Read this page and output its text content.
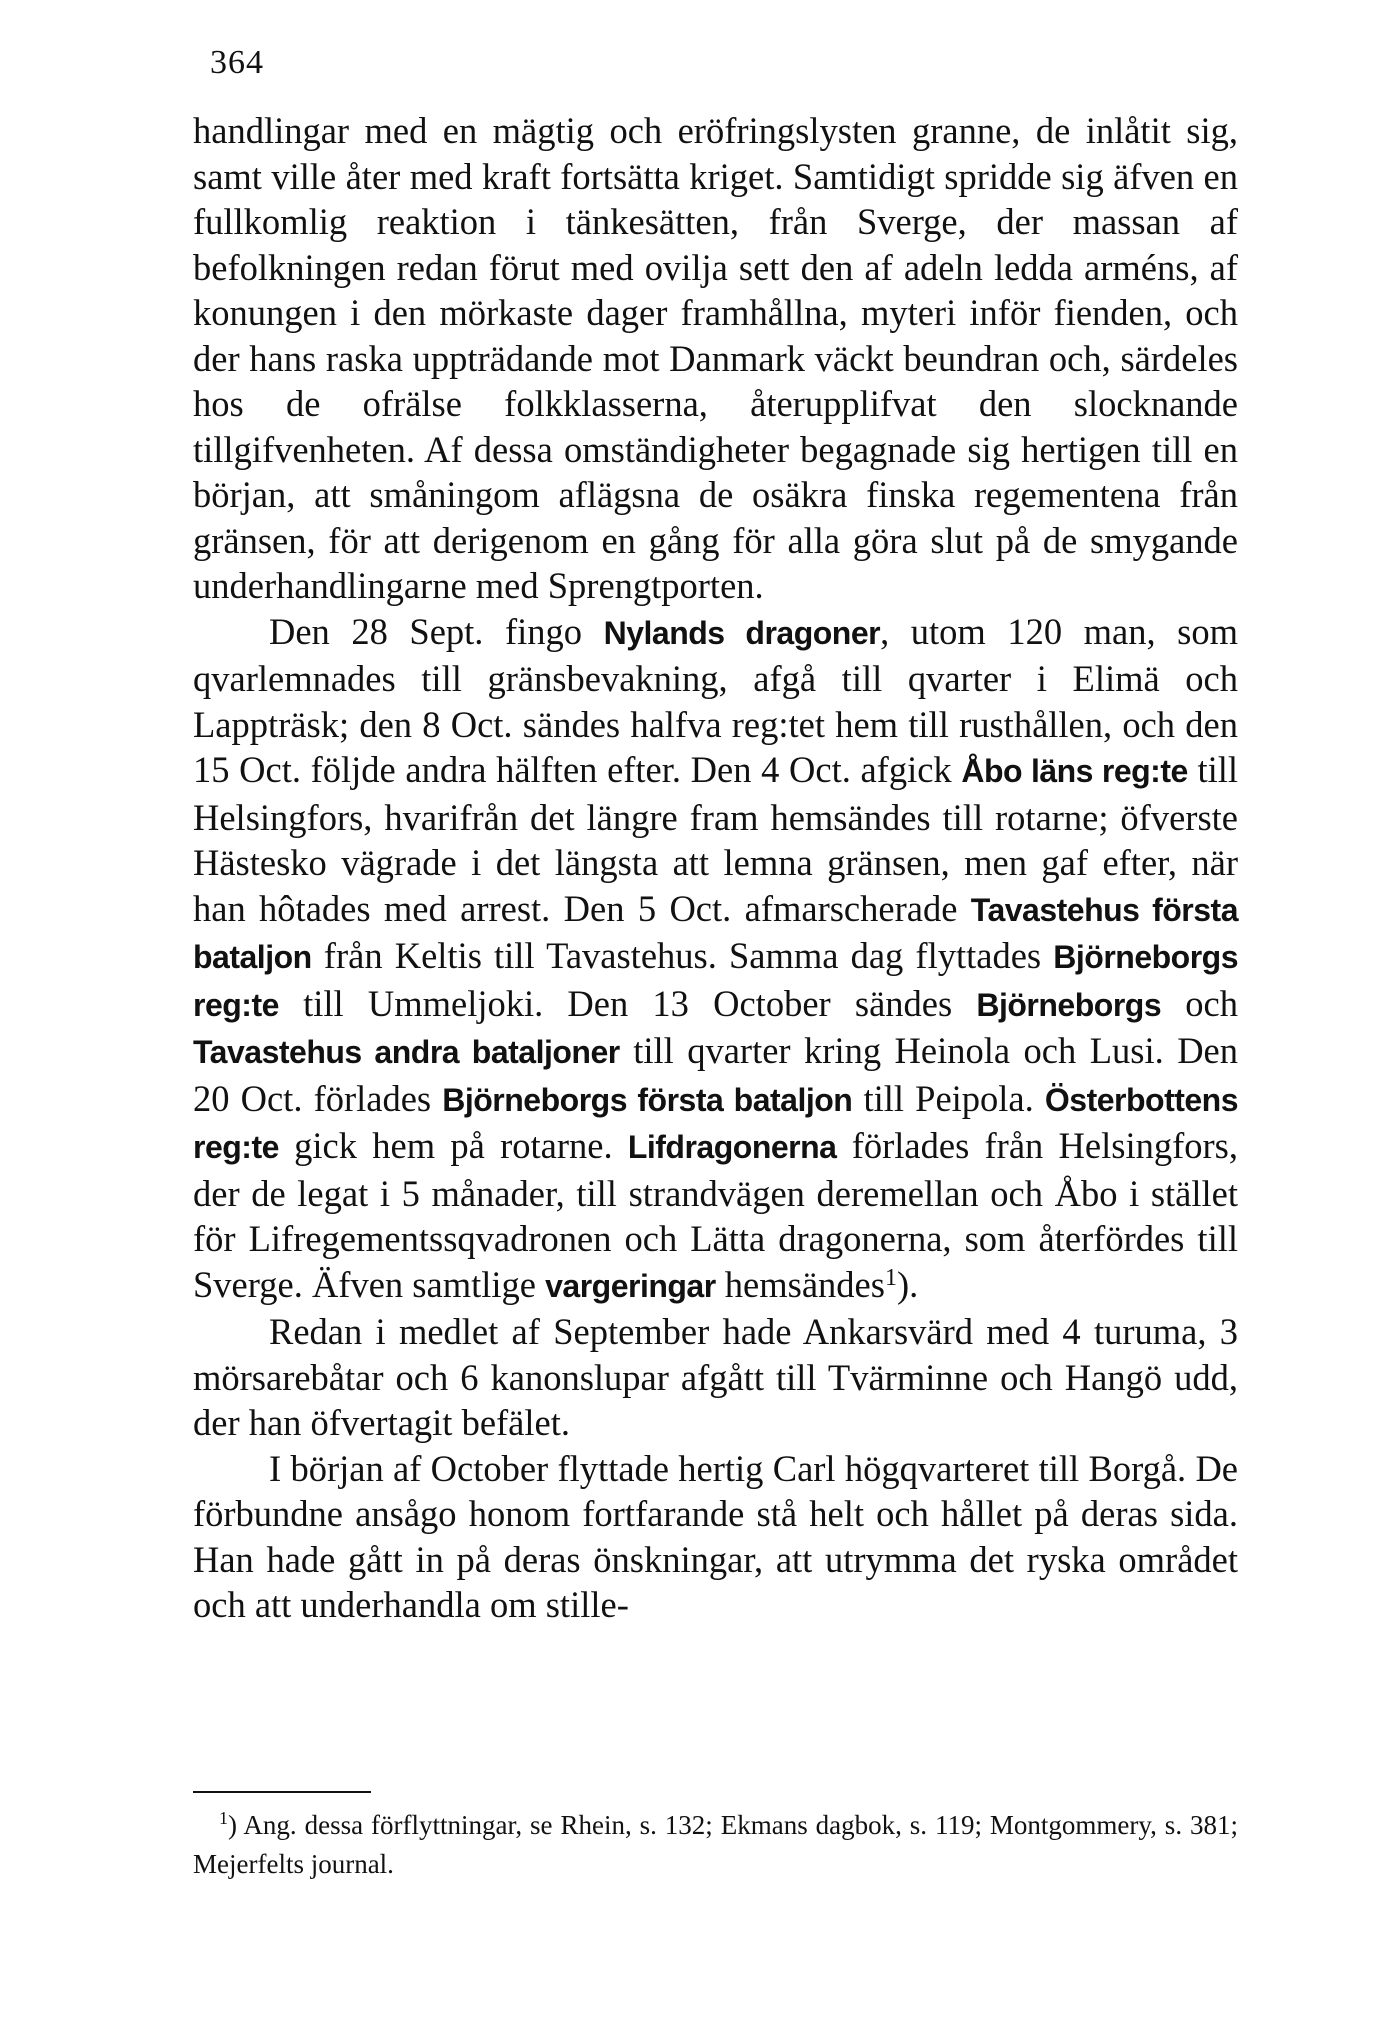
364

handlingar med en mägtig och eröfringslysten granne, de inlåtit sig, samt ville åter med kraft fortsätta kriget. Samtidigt spridde sig äfven en fullkomlig reaktion i tänkesätten, från Sverge, der massan af befolkningen redan förut med ovilja sett den af adeln ledda arméns, af konungen i den mörkaste dager framhållna, myteri inför fienden, och der hans raska uppträdande mot Danmark väckt beundran och, särdeles hos de ofrälse folkklasserna, återupplifvat den slocknande tillgifvenheten. Af dessa omständigheter begagnade sig hertigen till en början, att småningom aflägsna de osäkra finska regementena från gränsen, för att derigenom en gång för alla göra slut på de smygande underhandlingarne med Sprengtporten.

Den 28 Sept. fingo Nylands dragoner, utom 120 man, som qvarlemnades till gränsbevakning, afgå till qvarter i Elimä och Lappträsk; den 8 Oct. sändes halfva reg:tet hem till rusthållen, och den 15 Oct. följde andra hälften efter. Den 4 Oct. afgick Åbo läns reg:te till Helsingfors, hvarifrån det längre fram hemsändes till rotarne; öfverste Hästesko vägrade i det längsta att lemna gränsen, men gaf efter, när han hôtades med arrest. Den 5 Oct. afmarscherade Tavastehus första bataljon från Keltis till Tavastehus. Samma dag flyttades Björneborgs reg:te till Ummeljoki. Den 13 October sändes Björneborgs och Tavastehus andra bataljoner till qvarter kring Heinola och Lusi. Den 20 Oct. förlades Björneborgs första bataljon till Peipola. Österbottens reg:te gick hem på rotarne. Lifdragonerna förlades från Helsingfors, der de legat i 5 månader, till strandvägen deremellan och Åbo i stället för Lifregementssqvadronen och Lätta dragonerna, som återfördes till Sverge. Äfven samtlige vargeringar hemsändes$^1$).

Redan i medlet af September hade Ankarsvärd med 4 turuma, 3 mörsarebåtar och 6 kanonslupar afgått till Tvärminne och Hangö udd, der han öfvertagit befälet.

I början af October flyttade hertig Carl högqvarteret till Borgå. De förbundne ansågo honom fortfarande stå helt och hållet på deras sida. Han hade gått in på deras önskningar, att utrymma det ryska området och att underhandla om stille-

$^1$) Ang. dessa förflyttningar, se Rhein, s. 132; Ekmans dagbok, s. 119; Montgommery, s. 381; Mejerfelts journal.
